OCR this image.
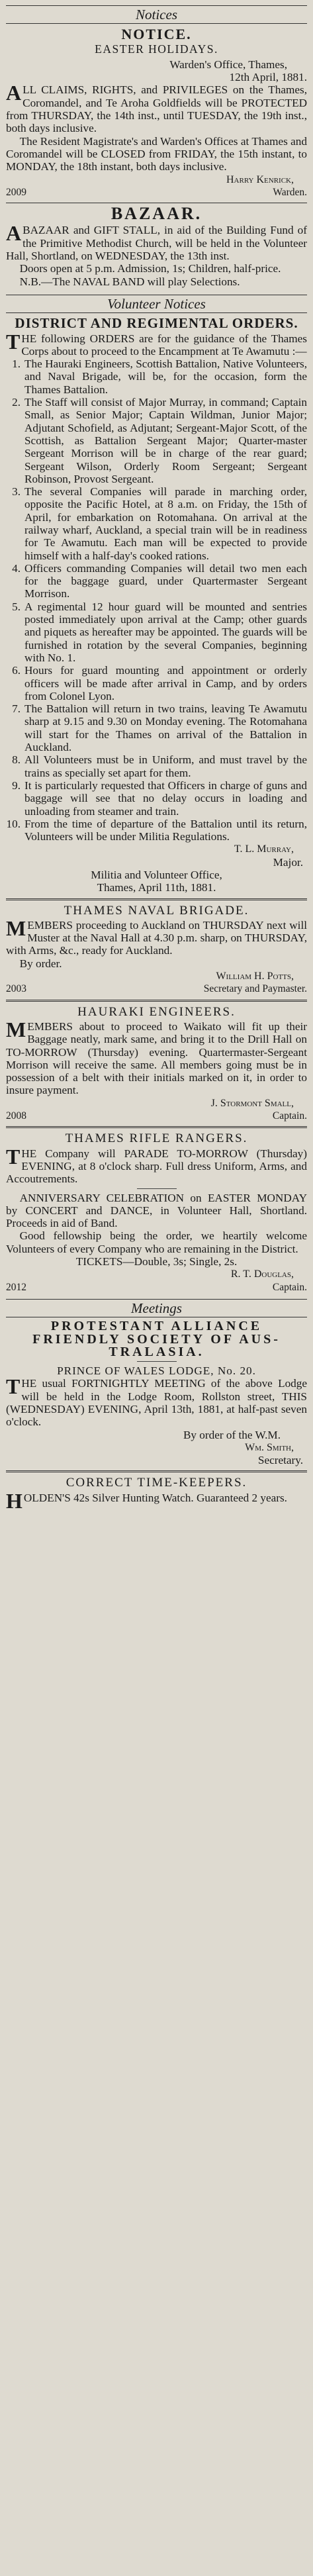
Notices
NOTICE.
EASTER HOLIDAYS.
Warden's Office, Thames,
12th April, 1881.

ALL CLAIMS, RIGHTS, and PRIVILEGES on the Thames, Coromandel, and Te Aroha Goldfields will be PROTECTED from THURSDAY, the 14th inst., until TUESDAY, the 19th inst., both days inclusive.

The Resident Magistrate's and Warden's Offices at Thames and Coromandel will be CLOSED from FRIDAY, the 15th instant, to MONDAY, the 18th instant, both days inclusive.

Harry Kenrick,
2009	Warden.
BAZAAR.

ABAZAAR and GIFT STALL, in aid of the Building Fund of the Primitive Methodist Church, will be held in the Volunteer Hall, Shortland, on WEDNESDAY, the 13th inst.

Doors open at 5 p.m. Admission, 1s; Children, half-price.

N.B.—The NAVAL BAND will play Selections.

Volunteer Notices
DISTRICT AND REGIMENTAL ORDERS.

THE following ORDERS are for the guidance of the Thames Corps about to proceed to the Encampment at Te Awamutu :—

1. The Hauraki Engineers, Scottish Battalion, Native Volunteers, and Naval Brigade, will be, for the occasion, form the Thames Battalion.
2. The Staff will consist of Major Murray, in command; Captain Small, as Senior Major; Captain Wildman, Junior Major; Adjutant Schofield, as Adjutant; Sergeant-Major Scott, of the Scottish, as Battalion Sergeant Major; Quarter-master Sergeant Morrison will be in charge of the rear guard; Sergeant Wilson, Orderly Room Sergeant; Sergeant Robinson, Provost Sergeant.
3. The several Companies will parade in marching order, opposite the Pacific Hotel, at 8 a.m. on Friday, the 15th of April, for embarkation on Rotomahana. On arrival at the railway wharf, Auckland, a special train will be in readiness for Te Awamutu. Each man will be expected to provide himself with a half-day's cooked rations.
4. Officers commanding Companies will detail two men each for the baggage guard, under Quartermaster Sergeant Morrison.
5. A regimental 12 hour guard will be mounted and sentries posted immediately upon arrival at the Camp; other guards and piquets as hereafter may be appointed. The guards will be furnished in rotation by the several Companies, beginning with No. 1.
6. Hours for guard mounting and appointment or orderly officers will be made after arrival in Camp, and by orders from Colonel Lyon.
7. The Battalion will return in two trains, leaving Te Awamutu sharp at 9.15 and 9.30 on Monday evening. The Rotomahana will start for the Thames on arrival of the Battalion in Auckland.
8. All Volunteers must be in Uniform, and must travel by the trains as specially set apart for them.
9. It is particularly requested that Officers in charge of guns and baggage will see that no delay occurs in loading and unloading from steamer and train.
10. From the time of departure of the Battalion until its return, Volunteers will be under Militia Regulations.
T. L. Murray,
Major.
Militia and Volunteer Office,
Thames, April 11th, 1881.
THAMES NAVAL BRIGADE.

MEMBERS proceeding to Auckland on THURSDAY next will Muster at the Naval Hall at 4.30 p.m. sharp, on THURSDAY, with Arms, &c., ready for Auckland.

By order.

William H. Potts,
2003	Secretary and Paymaster.
HAURAKI ENGINEERS.

MEMBERS about to proceed to Waikato will fit up their Baggage neatly, mark same, and bring it to the Drill Hall on TO-MORROW (Thursday) evening. Quartermaster-Sergeant Morrison will receive the same. All members going must be in possession of a belt with their initials marked on it, in order to insure payment.

J. Stormont Small,
2008	Captain.
THAMES RIFLE RANGERS.

THE Company will PARADE TO-MORROW (Thursday) EVENING, at 8 o'clock sharp. Full dress Uniform, Arms, and Accoutrements.

ANNIVERSARY CELEBRATION on EASTER MONDAY by CONCERT and DANCE, in Volunteer Hall, Shortland. Proceeds in aid of Band.

Good fellowship being the order, we heartily welcome Volunteers of every Company who are remaining in the District.

TICKETS—Double, 3s; Single, 2s.
R. T. Douglas,
2012	Captain.
Meetings
PROTESTANT ALLIANCE
FRIENDLY SOCIETY OF AUS-
TRALASIA.
PRINCE OF WALES LODGE, No. 20.

THE usual FORTNIGHTLY MEETING of the above Lodge will be held in the Lodge Room, Rollston street, THIS (WEDNESDAY) EVENING, April 13th, 1881, at half-past seven o'clock.

By order of the W.M.
Wm. Smith,
Secretary.
CORRECT TIME-KEEPERS.

HOLDEN'S 42s Silver Hunting Watch. Guaranteed 2 years.
